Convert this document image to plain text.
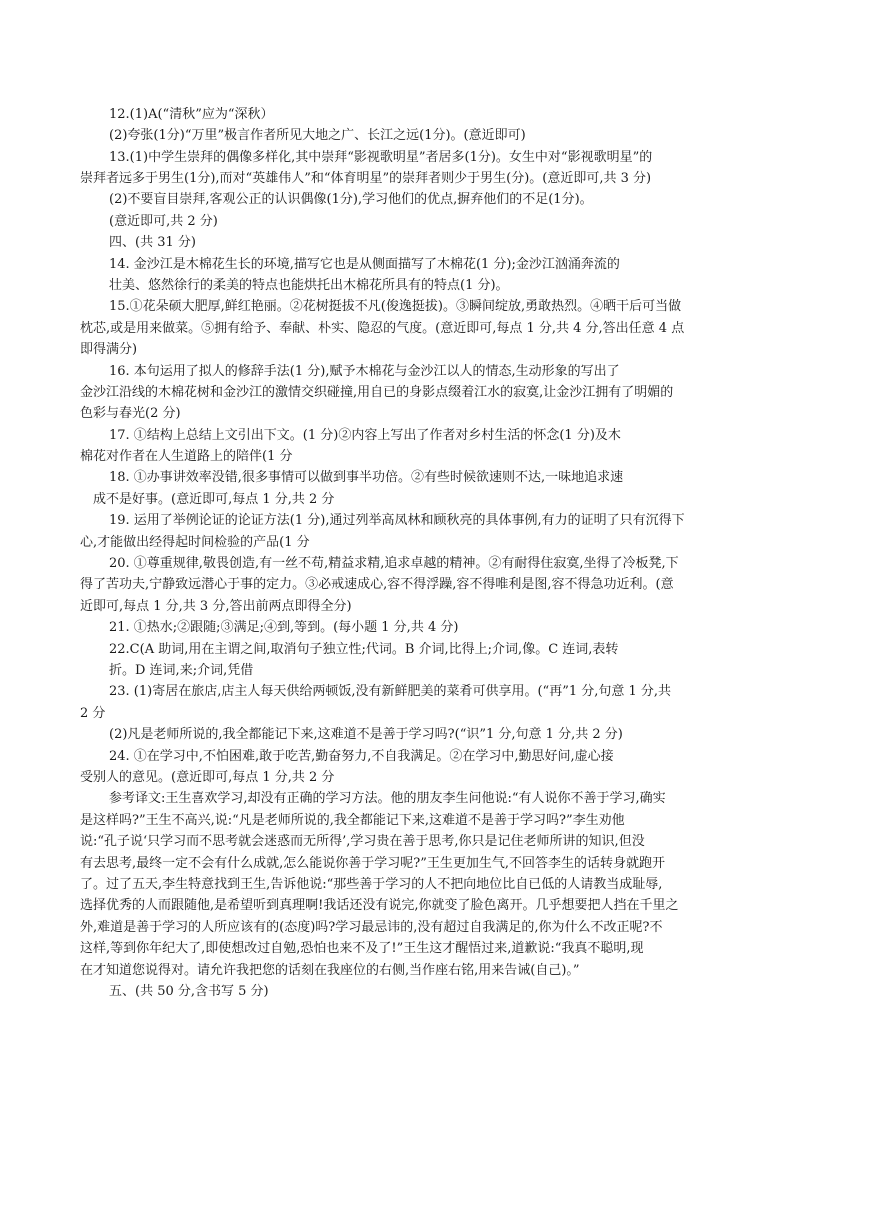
12.(1)A(“清秋”应为“深秋）
(2)夸张(1分)“万里”极言作者所见大地之广、长江之远(1分)。(意近即可)
13.(1)中学生崇拜的偶像多样化,其中崇拜“影视歌明星”者居多(1分)。女生中对“影视歌明星”的
崇拜者远多于男生(1分),而对“英雄伟人”和“体育明星”的崇拜者则少于男生(分)。(意近即可,共 3 分)
(2)不要盲目崇拜,客观公正的认识偶像(1分),学习他们的优点,摒弃他们的不足(1分)。
(意近即可,共 2 分)
四、(共 31 分)
14. 金沙江是木棉花生长的环境,描写它也是从侧面描写了木棉花(1 分);金沙江汹涌奔流的
壮美、悠然徐行的柔美的特点也能烘托出木棉花所具有的特点(1 分)。
15.①花朵硕大肥厚,鲜红艳丽。②花树挺拔不凡(俊逸挺拔)。③瞬间绽放,勇敢热烈。④晒干后可当做
枕芯,或是用来做菜。⑤拥有给予、奉献、朴实、隐忍的气度。(意近即可,每点 1 分,共 4 分,答出任意 4 点
即得满分)
16. 本句运用了拟人的修辞手法(1 分),赋予木棉花与金沙江以人的情态,生动形象的写出了
金沙江沿线的木棉花树和金沙江的激情交织碰撞,用自已的身影点缀着江水的寂寞,让金沙江拥有了明媚的
色彩与春光(2 分)
17. ①结构上总结上文引出下文。(1 分)②内容上写出了作者对乡村生活的怀念(1 分)及木
棉花对作者在人生道路上的陪伴(1 分
18. ①办事讲效率没错,很多事情可以做到事半功倍。②有些时候欲速则不达,一味地追求速
成不是好事。(意近即可,每点 1 分,共 2 分
19. 运用了举例论证的论证方法(1 分),通过列举高凤林和顾秋亮的具体事例,有力的证明了只有沉得下
心,才能做出经得起时间检验的产品(1 分
20. ①尊重规律,敬畏创造,有一丝不苟,精益求精,追求卓越的精神。②有耐得住寂寞,坐得了冷板凳,下
得了苦功夫,宁静致远潜心于事的定力。③必戒速成心,容不得浮躁,容不得唯利是图,容不得急功近利。(意
近即可,每点 1 分,共 3 分,答出前两点即得全分)
21. ①热水;②跟随;③满足;④到,等到。(每小题 1 分,共 4 分)
22.C(A 助词,用在主谓之间,取消句子独立性;代词。B 介词,比得上;介词,像。C 连词,表转
折。D 连词,来;介词,凭借
23. (1)寄居在旅店,店主人每天供给两顿饭,没有新鲜肥美的菜肴可供享用。(“再”1 分,句意 1 分,共
2 分
(2)凡是老师所说的,我全都能记下来,这难道不是善于学习吗?(“识”1 分,句意 1 分,共 2 分)
24. ①在学习中,不怕困难,敢于吃苦,勤奋努力,不自我满足。②在学习中,勤思好问,虚心接
受别人的意见。(意近即可,每点 1 分,共 2 分
参考译文:王生喜欢学习,却没有正确的学习方法。他的朋友李生问他说:“有人说你不善于学习,确实
是这样吗?”王生不高兴,说:“凡是老师所说的,我全都能记下来,这难道不是善于学习吗?”李生劝他
说:“孔子说‘只学习而不思考就会迷惑而无所得’,学习贵在善于思考,你只是记住老师所讲的知识,但没
有去思考,最终一定不会有什么成就,怎么能说你善于学习呢?”王生更加生气,不回答李生的话转身就跑开
了。过了五天,李生特意找到王生,告诉他说:“那些善于学习的人不把向地位比自已低的人请教当成耻辱,
选择优秀的人而跟随他,是希望听到真理啊!我话还没有说完,你就变了脸色离开。几乎想要把人挡在千里之
外,难道是善于学习的人所应该有的(态度)吗?学习最忌讳的,没有超过自我满足的,你为什么不改正呢?不
这样,等到你年纪大了,即使想改过自勉,恐怕也来不及了!”王生这才醒悟过来,道歉说:“我真不聪明,现
在才知道您说得对。请允许我把您的话刻在我座位的右侧,当作座右铭,用来告诫(自己)。”
五、(共 50 分,含书写 5 分)
